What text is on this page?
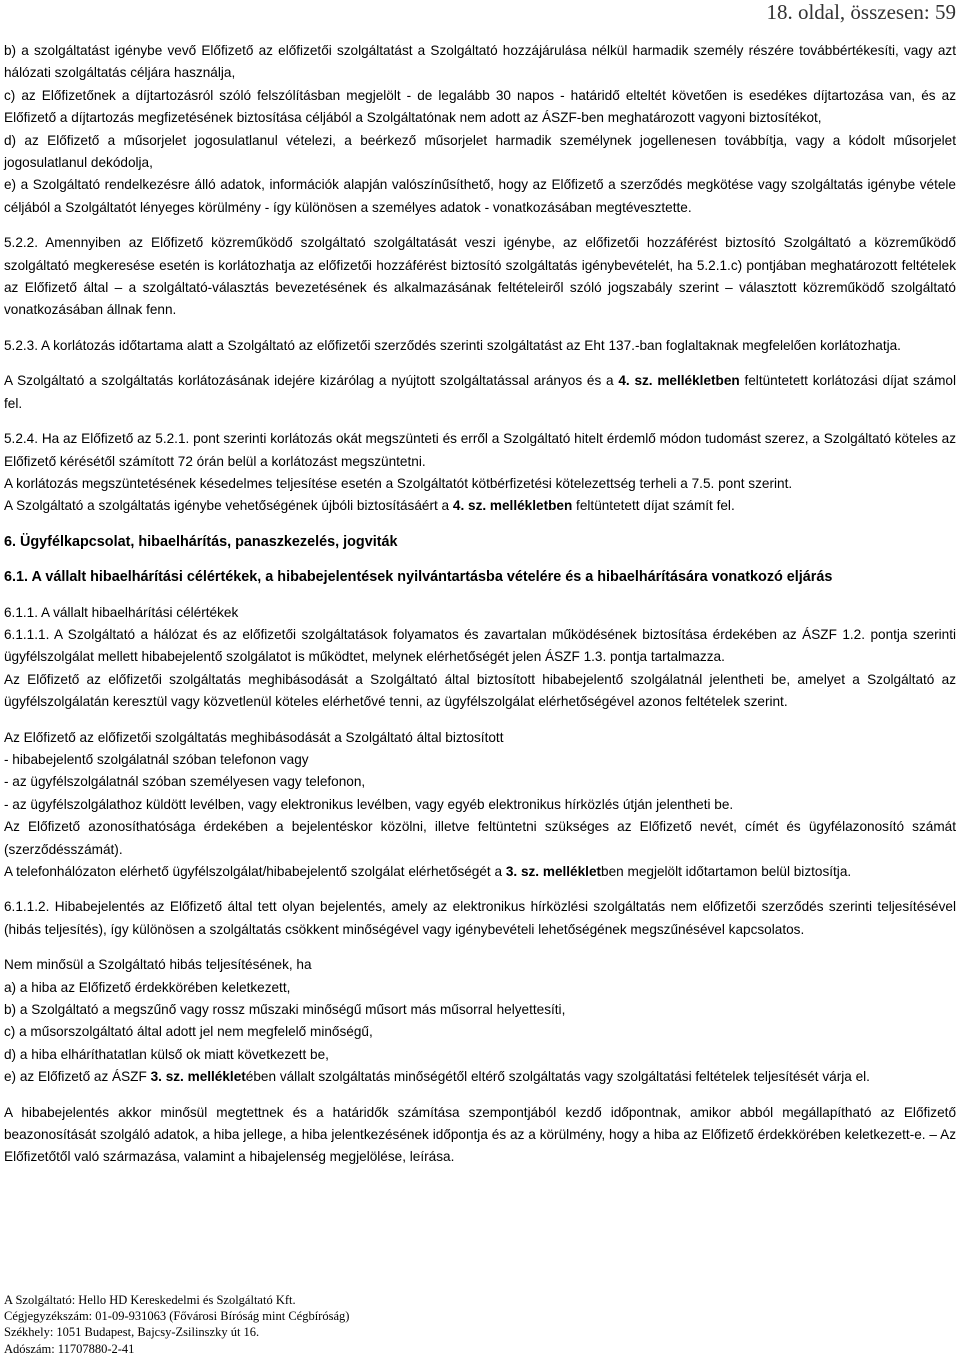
18. oldal, összesen: 59

b) a szolgáltatást igénybe vevő Előfizető az előfizetői szolgáltatást a Szolgáltató hozzájárulása nélkül harmadik személy részére továbbértékesíti, vagy azt hálózati szolgáltatás céljára használja,

c) az Előfizetőnek a díjtartozásról szóló felszólításban megjelölt - de legalább 30 napos - határidő elteltét követően is esedékes díjtartozása van, és az Előfizető a díjtartozás megfizetésének biztosítása céljából a Szolgáltatónak nem adott az ÁSZF-ben meghatározott vagyoni biztosítékot,

d) az Előfizető a műsorjelet jogosulatlanul vételezi, a beérkező műsorjelet harmadik személynek jogellenesen továbbítja, vagy a kódolt műsorjelet jogosulatlanul dekódolja,

e) a Szolgáltató rendelkezésre álló adatok, információk alapján valószínűsíthető, hogy az Előfizető a szerződés megkötése vagy szolgáltatás igénybe vétele céljából a Szolgáltatót lényeges körülmény - így különösen a személyes adatok - vonatkozásában megtévesztette.

5.2.2. Amennyiben az Előfizető közreműködő szolgáltató szolgáltatását veszi igénybe, az előfizetői hozzáférést biztosító Szolgáltató a közreműködő szolgáltató megkeresése esetén is korlátozhatja az előfizetői hozzáférést biztosító szolgáltatás igénybevételét, ha 5.2.1.c) pontjában meghatározott feltételek az Előfizető által – a szolgáltató-választás bevezetésének és alkalmazásának feltételeiről szóló jogszabály szerint – választott közreműködő szolgáltató vonatkozásában állnak fenn.

5.2.3. A korlátozás időtartama alatt a Szolgáltató az előfizetői szerződés szerinti szolgáltatást az Eht 137.-ban foglaltaknak megfelelően korlátozhatja.

A Szolgáltató a szolgáltatás korlátozásának idejére kizárólag a nyújtott szolgáltatással arányos és a 4. sz. mellékletben feltüntetett korlátozási díjat számol fel.

5.2.4. Ha az Előfizető az 5.2.1. pont szerinti korlátozás okát megszünteti és erről a Szolgáltató hitelt érdemlő módon tudomást szerez, a Szolgáltató köteles az Előfizető kérésétől számított 72 órán belül a korlátozást megszüntetni.

A korlátozás megszüntetésének késedelmes teljesítése esetén a Szolgáltatót kötbérfizetési kötelezettség terheli a 7.5. pont szerint.

A Szolgáltató a szolgáltatás igénybe vehetőségének újbóli biztosításáért a 4. sz. mellékletben feltüntetett díjat számít fel.

6. Ügyfélkapcsolat, hibaelhárítás, panaszkezelés, jogviták

6.1. A vállalt hibaelhárítási célértékek, a hibabejelentések nyilvántartásba vételére és a hibaelhárítására vonatkozó eljárás

6.1.1. A vállalt hibaelhárítási célértékek

6.1.1.1. A Szolgáltató a hálózat és az előfizetői szolgáltatások folyamatos és zavartalan működésének biztosítása érdekében az ÁSZF 1.2. pontja szerinti ügyfélszolgálat mellett hibabejelentő szolgálatot is működtet, melynek elérhetőségét jelen ÁSZF 1.3. pontja tartalmazza.

Az Előfizető az előfizetői szolgáltatás meghibásodását a Szolgáltató által biztosított hibabejelentő szolgálatnál jelentheti be, amelyet a Szolgáltató az ügyfélszolgálatán keresztül vagy közvetlenül köteles elérhetővé tenni, az ügyfélszolgálat elérhetőségével azonos feltételek szerint.

Az Előfizető az előfizetői szolgáltatás meghibásodását a Szolgáltató által biztosított

- hibabejelentő szolgálatnál szóban telefonon vagy

- az ügyfélszolgálatnál szóban személyesen vagy telefonon,

- az ügyfélszolgálathoz küldött levélben, vagy elektronikus levélben, vagy egyéb elektronikus hírközlés útján jelentheti be.

Az Előfizető azonosíthatósága érdekében a bejelentéskor közölni, illetve feltüntetni szükséges az Előfizető nevét, címét és ügyfélazonosító számát (szerződésszámát).

A telefonhálózaton elérhető ügyfélszolgálat/hibabejelentő szolgálat elérhetőségét a 3. sz. mellékletben megjelölt időtartamon belül biztosítja.

6.1.1.2. Hibabejelentés az Előfizető által tett olyan bejelentés, amely az elektronikus hírközlési szolgáltatás nem előfizetői szerződés szerinti teljesítésével (hibás teljesítés), így különösen a szolgáltatás csökkent minőségével vagy igénybevételi lehetőségének megszűnésével kapcsolatos.

Nem minősül a Szolgáltató hibás teljesítésének, ha

a) a hiba az Előfizető érdekkörében keletkezett,

b) a Szolgáltató a megszűnő vagy rossz műszaki minőségű műsort más műsorral helyettesíti,

c) a műsorszolgáltató által adott jel nem megfelelő minőségű,

d) a hiba elháríthatatlan külső ok miatt következett be,

e) az Előfizető az ÁSZF 3. sz. mellékletében vállalt szolgáltatás minőségétől eltérő szolgáltatás vagy szolgáltatási feltételek teljesítését várja el.

A hibabejelentés akkor minősül megtettnek és a határidők számítása szempontjából kezdő időpontnak, amikor abból megállapítható az Előfizető beazonosítását szolgáló adatok, a hiba jellege, a hiba jelentkezésének időpontja és az a körülmény, hogy a hiba az Előfizető érdekkörében keletkezett-e. – Az Előfizetőtől való származása, valamint a hibajelenség megjelölése, leírása.

A Szolgáltató: Hello HD Kereskedelmi és Szolgáltató Kft.
Cégjegyzékszám: 01-09-931063 (Fővárosi Bíróság mint Cégbíróság)
Székhely: 1051 Budapest, Bajcsy-Zsilinszky út 16.
Adószám: 11707880-2-41
